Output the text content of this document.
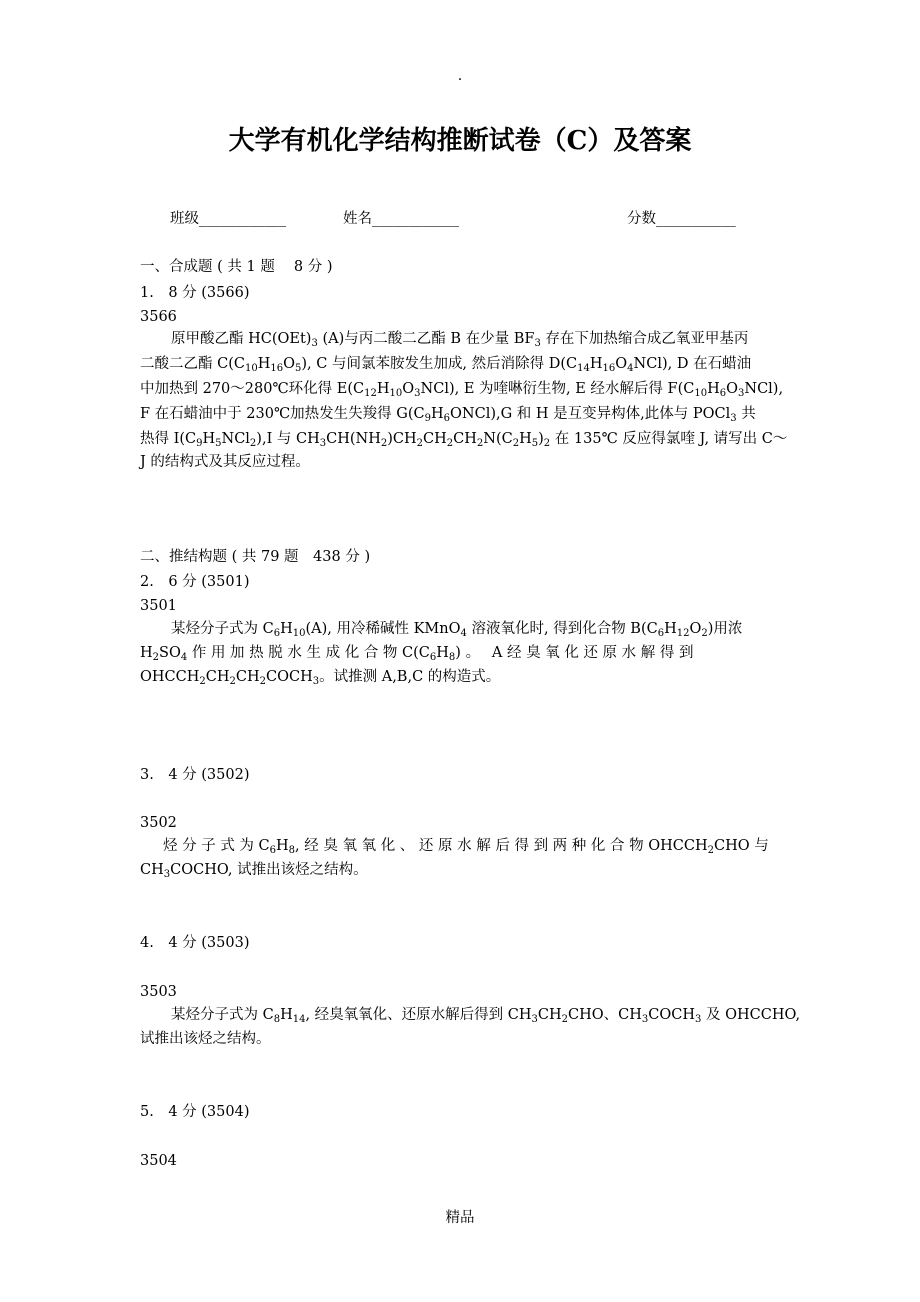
.
大学有机化学结构推断试卷（C）及答案
班级____________	姓名____________	分数___________
一、合成题 ( 共 1 题　 8 分 )
1.　8 分 (3566)
3566
原甲酸乙酯 $HC(OEt)_3$ (A)与丙二酸二乙酯 B 在少量 $BF_3$ 存在下加热缩合成乙氧亚甲基丙
二酸二乙酯 $C(C_{10}H_{16}O_5)$, C 与间氯苯胺发生加成, 然后消除得 $D(C_{14}H_{16}O_4NCl)$, D 在石蜡油
中加热到 270～280℃环化得 $E(C_{12}H_{10}O_3NCl)$, E 为喹啉衍生物, E 经水解后得 $F(C_{10}H_6O_3NCl)$,
F 在石蜡油中于 230℃加热发生失羧得 $G(C_9H_6ONCl),G$ 和 H 是互变异构体,此体与 POCl$_3$ 共
热得 $I(C_9H_5NCl_2),I$ 与 $CH_3CH(NH_2)CH_2CH_2CH_2N(C_2H_5)_2$ 在 135℃ 反应得氯喹 J, 请写出 C～
J 的结构式及其反应过程。
二、推结构题 ( 共 79 题　438 分 )
2.　6 分 (3501)
3501
某烃分子式为 $C_6H_{10}(A)$, 用冷稀碱性 KMnO$_4$ 溶液氧化时, 得到化合物 $B(C_6H_{12}O_2)$用浓
$H_2SO_4$ 作 用 加 热 脱 水 生 成 化 合 物 $C(C_6H_8)$ 。　 A 经 臭 氧 化 还 原 水 解 得 到
$OHCCH_2CH_2CH_2COCH_3$。试推测 A,B,C 的构造式。
3.　4 分 (3502)
3502
烃 分 子 式 为 $C_6H_8$, 经 臭 氧 氧 化 、 还 原 水 解 后 得 到 两 种 化 合 物 $OHCCH_2CHO$ 与
$CH_3COCHO$, 试推出该烃之结构。
4.　4 分 (3503)
3503
某烃分子式为 $C_8H_{14}$, 经臭氧氧化、还原水解后得到 $CH_3CH_2CHO$、$CH_3COCH_3$ 及 OHCCHO,
试推出该烃之结构。
5.　4 分 (3504)
3504
精品
